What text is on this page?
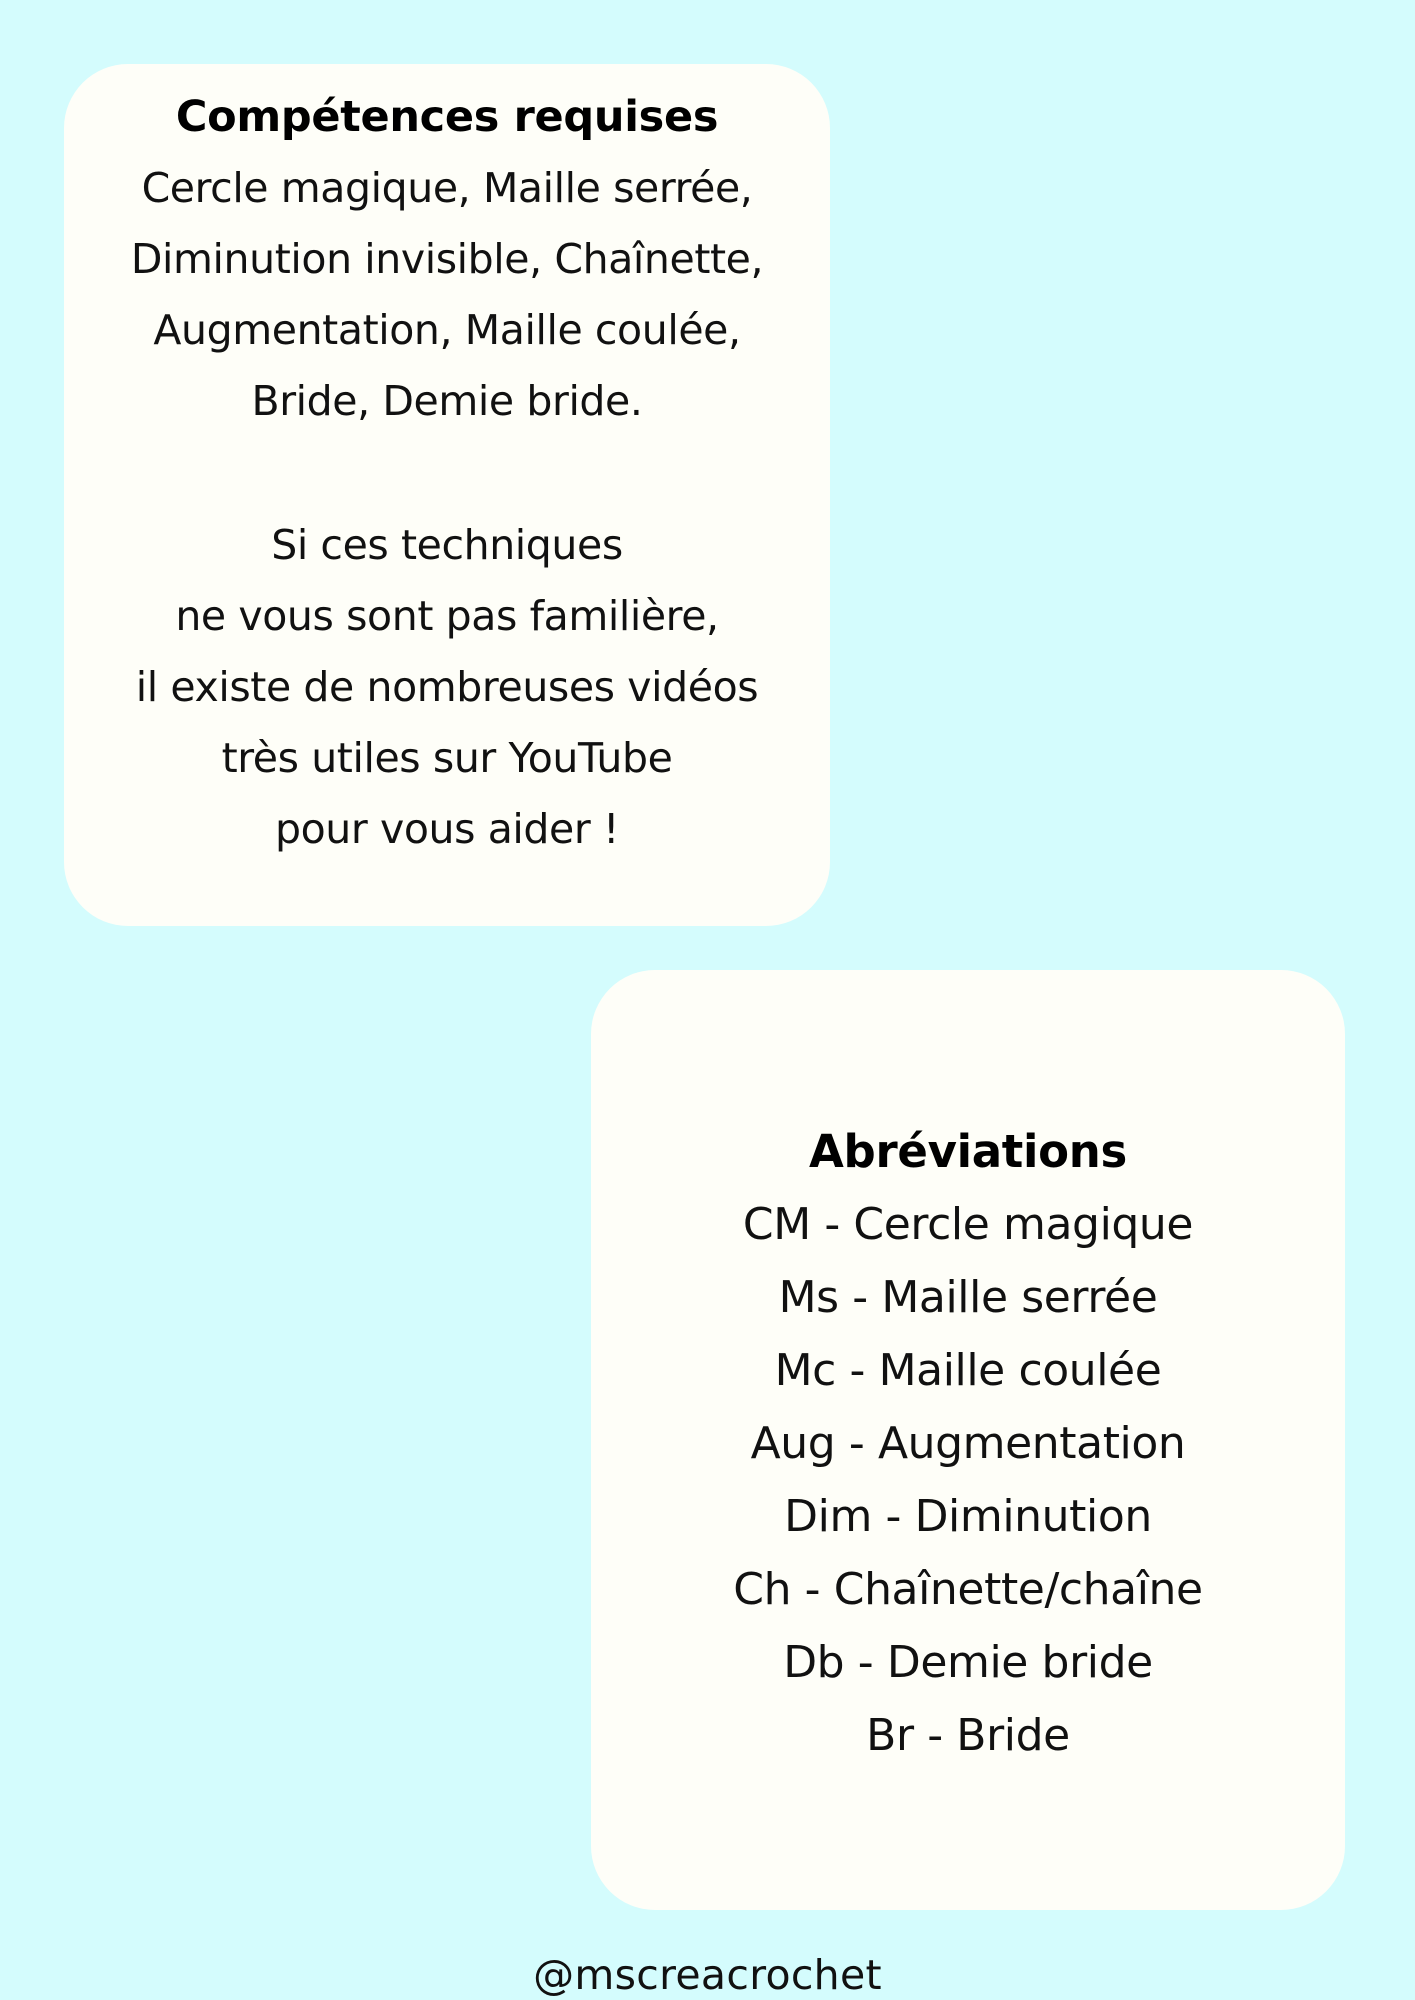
Compétences requises

Cercle magique, Maille serrée,

Diminution invisible, Chaînette,

Augmentation, Maille coulée,

Bride, Demie bride.

Si ces techniques

ne vous sont pas familière,

il existe de nombreuses vidéos

très utiles sur YouTube

pour vous aider !

Abréviations

CM - Cercle magique

Ms - Maille serrée

Mc - Maille coulée

Aug - Augmentation

Dim - Diminution

Ch - Chaînette/chaîne

Db - Demie bride

Br - Bride

@mscreacrochet
